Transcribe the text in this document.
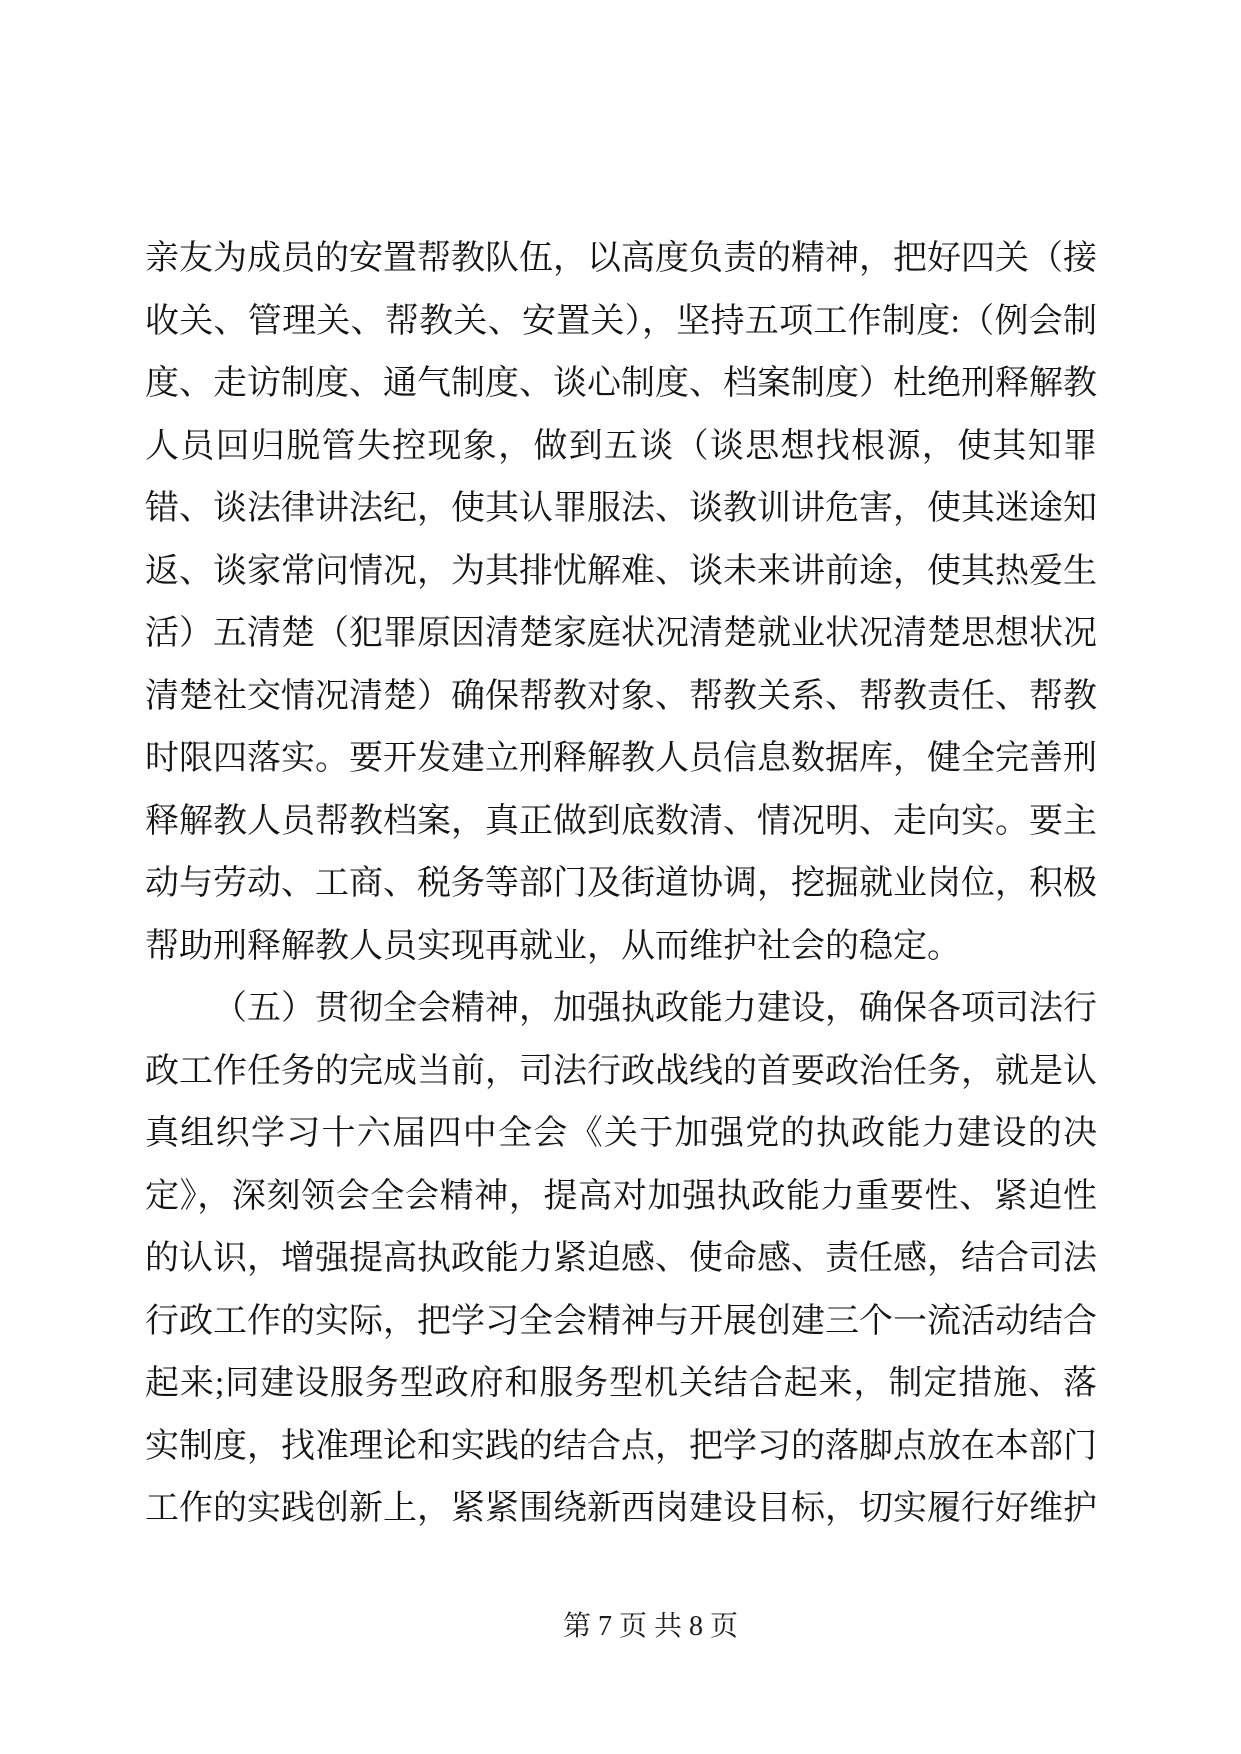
亲友为成员的安置帮教队伍，以高度负责的精神，把好四关（接收关、管理关、帮教关、安置关），坚持五项工作制度:（例会制度、走访制度、通气制度、谈心制度、档案制度）杜绝刑释解教人员回归脱管失控现象，做到五谈（谈思想找根源，使其知罪错、谈法律讲法纪，使其认罪服法、谈教训讲危害，使其迷途知返、谈家常问情况，为其排忧解难、谈未来讲前途，使其热爱生活）五清楚（犯罪原因清楚家庭状况清楚就业状况清楚思想状况清楚社交情况清楚）确保帮教对象、帮教关系、帮教责任、帮教时限四落实。要开发建立刑释解教人员信息数据库，健全完善刑释解教人员帮教档案，真正做到底数清、情况明、走向实。要主动与劳动、工商、税务等部门及街道协调，挖掘就业岗位，积极帮助刑释解教人员实现再就业，从而维护社会的稳定。

（五）贯彻全会精神，加强执政能力建设，确保各项司法行政工作任务的完成当前，司法行政战线的首要政治任务，就是认真组织学习十六届四中全会《关于加强党的执政能力建设的决定》，深刻领会全会精神，提高对加强执政能力重要性、紧迫性的认识，增强提高执政能力紧迫感、使命感、责任感，结合司法行政工作的实际，把学习全会精神与开展创建三个一流活动结合起来;同建设服务型政府和服务型机关结合起来，制定措施、落实制度，找准理论和实践的结合点，把学习的落脚点放在本部门工作的实践创新上，紧紧围绕新西岗建设目标，切实履行好维护

第 7 页 共 8 页
